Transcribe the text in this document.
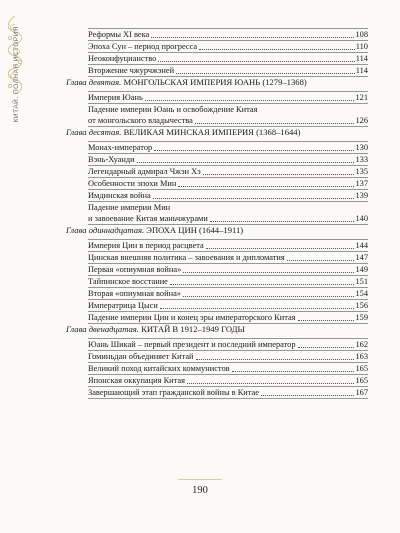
КИТАЙ. ПОЛНАЯ ИСТОРИЯ	Реформы XI века	108
Эпоха Сун – период прогресса	110
Неоконфуцианство	114
Вторжение чжурчжэней	114
Глава девятая. МОНГОЛЬСКАЯ ИМПЕРИЯ ЮАНЬ (1279–1368)
Империя Юань	121
Падение империи Юань и освобождение Китая
от монгольского владычества	126
Глава десятая. ВЕЛИКАЯ МИНСКАЯ ИМПЕРИЯ (1368–1644)
Монах-император	130
Вэнь-Хуанди	133
Легендарный адмирал Чжэн Хэ	135
Особенности эпохи Мин	137
Имдинская война	139
Падение империи Мин
и завоевание Китая маньчжурами	140
Глава одиннадцатая. ЭПОХА ЦИН (1644–1911)
Империя Цин в период расцвета	144
Цинская внешняя политика – завоевания и дипломатия	147
Первая «опиумная война»	149
Тайпинское восстание	151
Вторая «опиумная война»	154
Императрица Цыси	156
Падение империи Цин и конец эры императорского Китая	159
Глава двенадцатая. КИТАЙ В 1912–1949 ГОДЫ
Юань Шикай – первый президент и последний император	162
Гоминьдан объединяет Китай	163
Великий поход китайских коммунистов	165
Японская оккупация Китая	165
Завершающий этап гражданской войны в Китае	167
190
